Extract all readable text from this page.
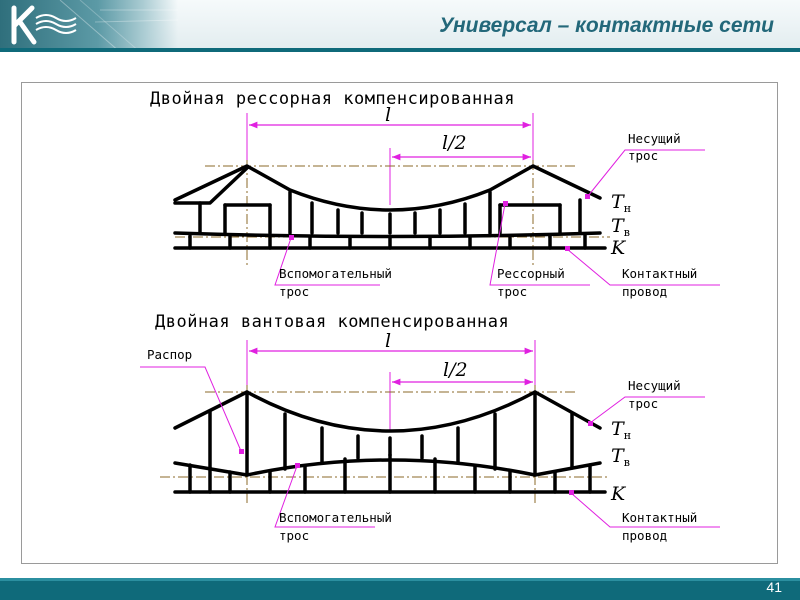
Универсал – контактные сети
Двойная рессорная компенсированная
l
l/2	Несущий
трос
Вспомогательный
трос
Рессорный
трос
Контактный
провод
$T_н$
$T_в$
K
Двойная вантовая компенсированная
l
l/2
Распор
Несущий
трос
Вспомогательный
трос
Контактный
провод
$T_н$
$T_в$
K
41
